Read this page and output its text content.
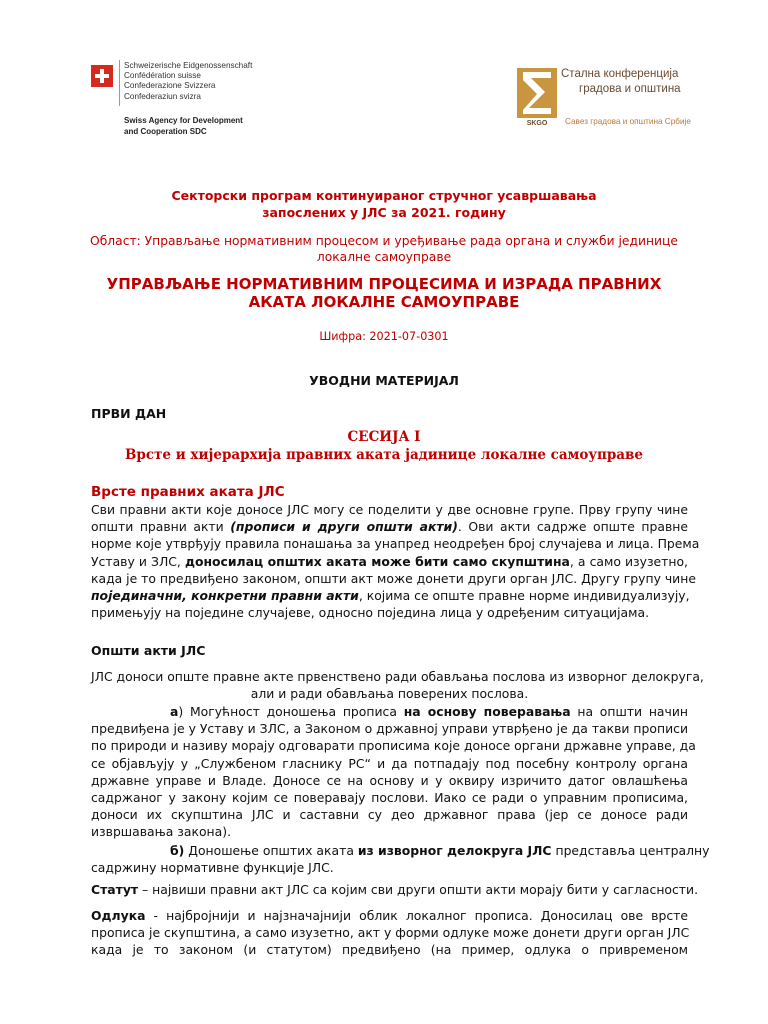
Schweizerische Eidgenossenschaft
Confédération suisse
Confederazione Svizzera
Confederaziun svizra
Swiss Agency for Development
and Cooperation SDC
SKGO
Стална конференција
градова и општина
Савез градова и општина Србије
Секторски програм континуираног стручног усавршавања
запослених у ЈЛС за 2021. годину
Област: Управљање нормативним процесом и уређивање рада органа и служби јединице
локалне самоуправе
УПРАВЉАЊЕ НОРМАТИВНИМ ПРОЦЕСИМА И ИЗРАДА ПРАВНИХ
АКАТА ЛОКАЛНЕ САМОУПРАВЕ
Шифра: 2021-07-0301
УВОДНИ МАТЕРИЈАЛ
ПРВИ ДАН
СЕСИЈА I
Врсте и хијерархија правних аката јадинице локалне самоуправе
Врсте правних аката ЈЛС
Сви правни акти које доносе ЈЛС могу се поделити у две основне групе. Прву групу чине
општи правни акти (прописи и други општи акти). Ови акти садрже опште правне
норме које утврђују правила понашања за унапред неодређен број случајева и лица. Према
Уставу и ЗЛС, доносилац општих аката може бити само скупштина, а само изузетно,
када је то предвиђено законом, општи акт може донети други орган ЈЛС. Другу групу чине
појединачни, конкретни правни акти, којима се опште правне норме индивидуализују,
примењују на поједине случајеве, односно поједина лица у одређеним ситуацијама.
Општи акти ЈЛС
ЈЛС доноси опште правне акте првенствено ради обављања послова из изворног делокруга,
али и ради обављања поверених послова.
а) Могућност доношења прописа на основу поверавања на општи начин
предвиђена је у Уставу и ЗЛС, а Законом о државној управи утврђено је да такви прописи
по природи и називу морају одговарати прописима које доносе органи државне управе, да
се објављују у „Службеном гласнику РС“ и да потпадају под посебну контролу органа
државне управе и Владе. Доносе се на основу и у оквиру изричито датог овлашћења
садржаног у закону којим се поверавају послови. Иако се ради о управним прописима,
доноси их скупштина ЈЛС и саставни су део државног права (јер се доносе ради
извршавања закона).
б) Доношење општих аката из изворног делокруга ЈЛС представља централну
садржину нормативне функције ЈЛС.
Статут – највиши правни акт ЈЛС са којим сви други општи акти морају бити у сагласности.
Одлука - најбројнији и најзначајнији облик локалног прописа. Доносилац ове врсте
прописа је скупштина, а само изузетно, акт у форми одлуке може донети други орган ЈЛС
када је то законом (и статутом) предвиђено (на пример, одлука о привременом
